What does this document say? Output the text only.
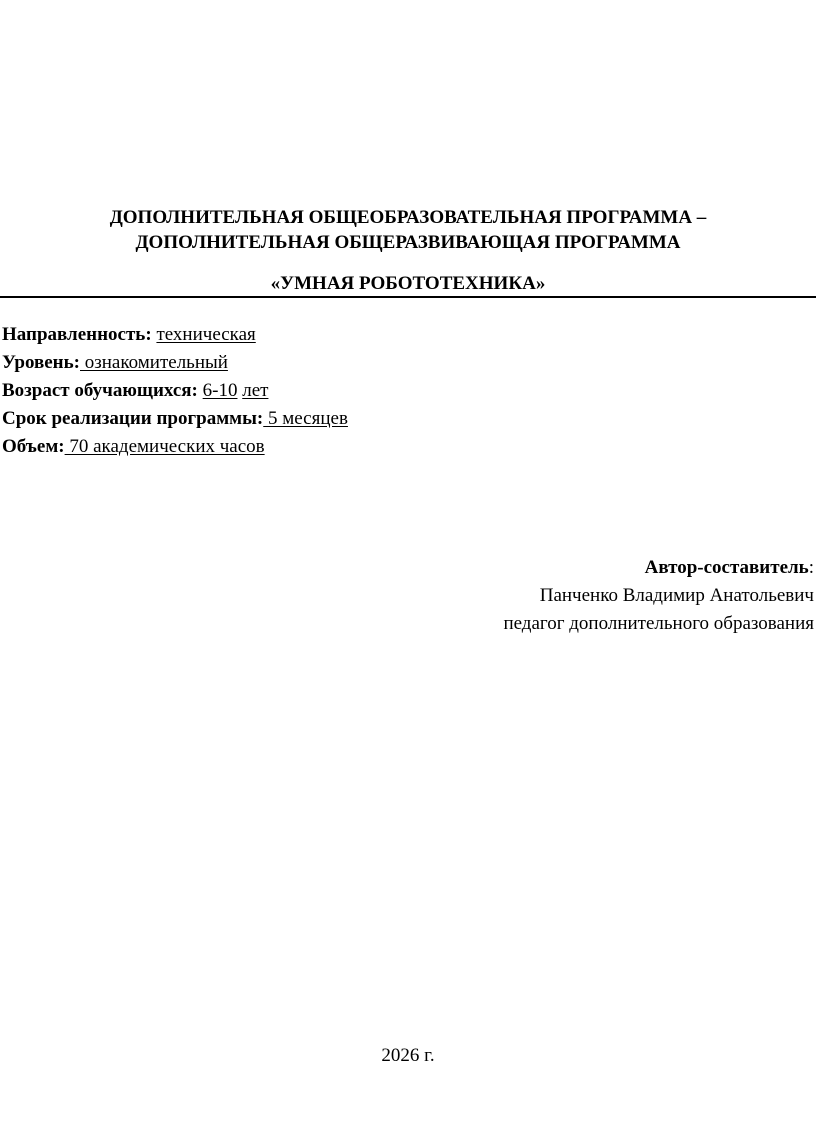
ДОПОЛНИТЕЛЬНАЯ ОБЩЕОБРАЗОВАТЕЛЬНАЯ ПРОГРАММА –
ДОПОЛНИТЕЛЬНАЯ ОБЩЕРАЗВИВАЮЩАЯ ПРОГРАММА
«УМНАЯ РОБОТОТЕХНИКА»
Направленность: техническая
Уровень: ознакомительный
Возраст обучающихся: 6-10 лет
Срок реализации программы: 5 месяцев
Объем: 70 академических часов
Автор-составитель:
Панченко Владимир Анатольевич
педагог дополнительного образования
2026 г.
